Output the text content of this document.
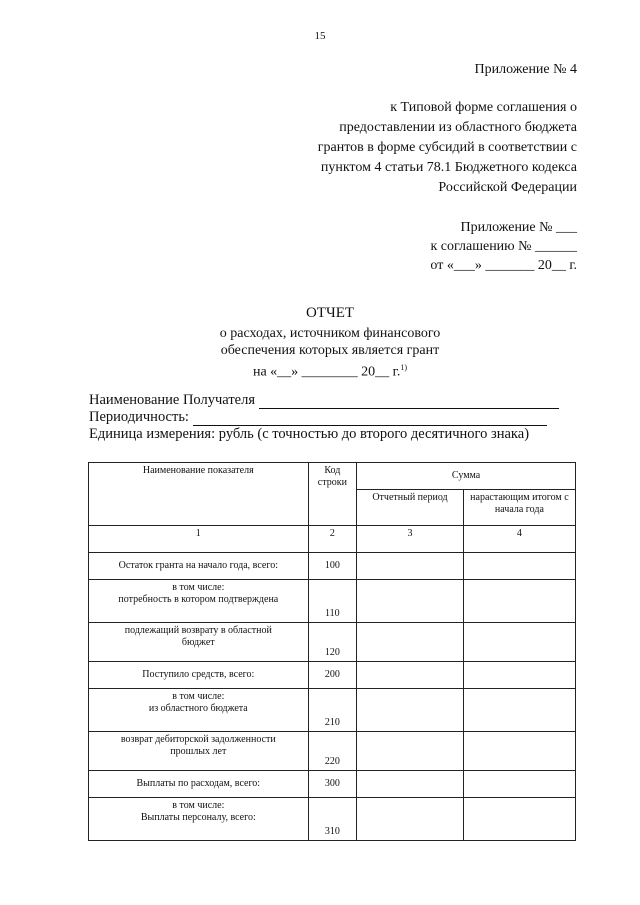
15
Приложение № 4
к Типовой форме соглашения о
предоставлении из областного бюджета
грантов в форме субсидий в соответствии с
пунктом 4 статьи 78.1 Бюджетного кодекса
Российской Федерации
Приложение № ___
к соглашению № ______
от «___» _______ 20__ г.
ОТЧЕТ
о расходах, источником финансового
обеспечения которых является грант
на «__» ________ 20__ г.$^{1)}$
Наименование Получателя
Периодичность:
Единица измерения: рубль (с точностью до второго десятичного знака)
Наименование показателя	Код строки	Сумма	
		Отчетный период	нарастающим итогом с начала года
1	2	3	4
Остаток гранта на начало года, всего:	100		
в том числе:
потребность в котором подтверждена	110		
подлежащий возврату в областной бюджет	120		
Поступило средств, всего:	200		
в том числе:
из областного бюджета	210		
возврат дебиторской задолженности прошлых лет	220		
Выплаты по расходам, всего:	300		
в том числе:
Выплаты персоналу, всего:	310		
